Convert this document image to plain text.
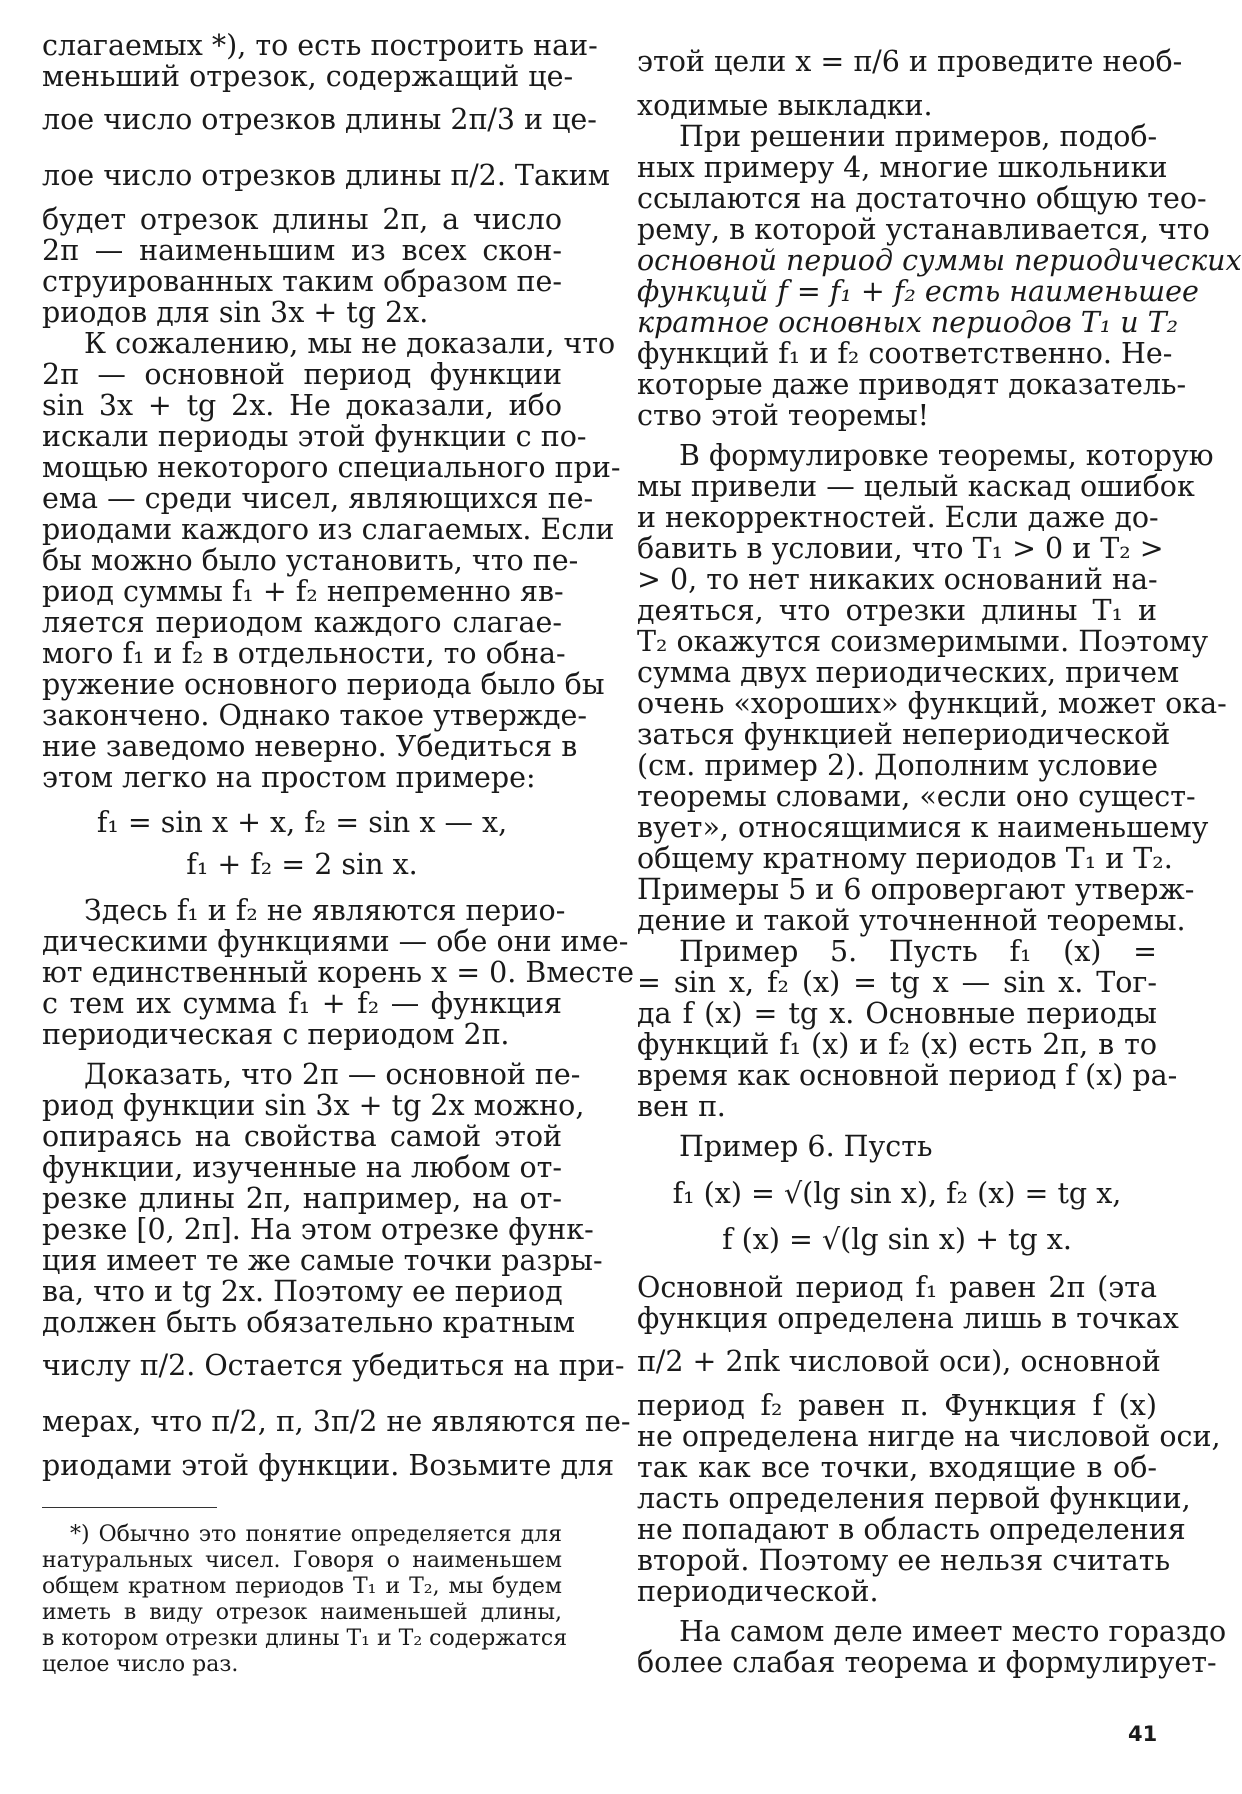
слагаемых *), то есть построить наи-
меньший отрезок, содержащий це-
лое число отрезков длины 2π/3 и це-
лое число отрезков длины π/2. Таким
будет отрезок длины 2π, а число
2π — наименьшим из всех скон-
струированных таким образом пе-
риодов для sin 3x + tg 2x.
К сожалению, мы не доказали, что
2π — основной период функции
sin 3x + tg 2x. Не доказали, ибо
искали периоды этой функции с по-
мощью некоторого специального при-
ема — среди чисел, являющихся пе-
риодами каждого из слагаемых. Если
бы можно было установить, что пе-
риод суммы f₁ + f₂ непременно яв-
ляется периодом каждого слагае-
мого f₁ и f₂ в отдельности, то обна-
ружение основного периода было бы
закончено. Однако такое утвержде-
ние заведомо неверно. Убедиться в
этом легко на простом примере:
f₁ = sin x + x, f₂ = sin x — x,
f₁ + f₂ = 2 sin x.
Здесь f₁ и f₂ не являются перио-
дическими функциями — обе они име-
ют единственный корень x = 0. Вместе
с тем их сумма f₁ + f₂ — функция
периодическая с периодом 2π.
Доказать, что 2π — основной пе-
риод функции sin 3x + tg 2x можно,
опираясь на свойства самой этой
функции, изученные на любом от-
резке длины 2π, например, на от-
резке [0, 2π]. На этом отрезке функ-
ция имеет те же самые точки разры-
ва, что и tg 2x. Поэтому ее период
должен быть обязательно кратным
числу π/2. Остается убедиться на при-
мерах, что π/2, π, 3π/2 не являются пе-
риодами этой функции. Возьмите для
*) Обычно это понятие определяется для
натуральных чисел. Говоря о наименьшем
общем кратном периодов T₁ и T₂, мы будем
иметь в виду отрезок наименьшей длины,
в котором отрезки длины T₁ и T₂ содержатся
целое число раз.
этой цели x = π/6 и проведите необ-
ходимые выкладки.
При решении примеров, подоб-
ных примеру 4, многие школьники
ссылаются на достаточно общую тео-
рему, в которой устанавливается, что
основной период суммы периодических
функций f = f₁ + f₂ есть наименьшее
кратное основных периодов T₁ и T₂
функций f₁ и f₂ соответственно. Не-
которые даже приводят доказатель-
ство этой теоремы!
В формулировке теоремы, которую
мы привели — целый каскад ошибок
и некорректностей. Если даже до-
бавить в условии, что T₁ > 0 и T₂ >
> 0, то нет никаких оснований на-
деяться, что отрезки длины T₁ и
T₂ окажутся соизмеримыми. Поэтому
сумма двух периодических, причем
очень «хороших» функций, может ока-
заться функцией непериодической
(см. пример 2). Дополним условие
теоремы словами, «если оно сущест-
вует», относящимися к наименьшему
общему кратному периодов T₁ и T₂.
Примеры 5 и 6 опровергают утверж-
дение и такой уточненной теоремы.
Пример 5. Пусть f₁ (x) =
= sin x, f₂ (x) = tg x — sin x. Тог-
да f (x) = tg x. Основные периоды
функций f₁ (x) и f₂ (x) есть 2π, в то
время как основной период f (x) ра-
вен π.
Пример 6. Пусть
f₁ (x) = √(lg sin x), f₂ (x) = tg x,
f (x) = √(lg sin x) + tg x.
Основной период f₁ равен 2π (эта
функция определена лишь в точках
π/2 + 2πk числовой оси), основной
период f₂ равен π. Функция f (x)
не определена нигде на числовой оси,
так как все точки, входящие в об-
ласть определения первой функции,
не попадают в область определения
второй. Поэтому ее нельзя считать
периодической.
На самом деле имеет место гораздо
более слабая теорема и формулирует-
41
